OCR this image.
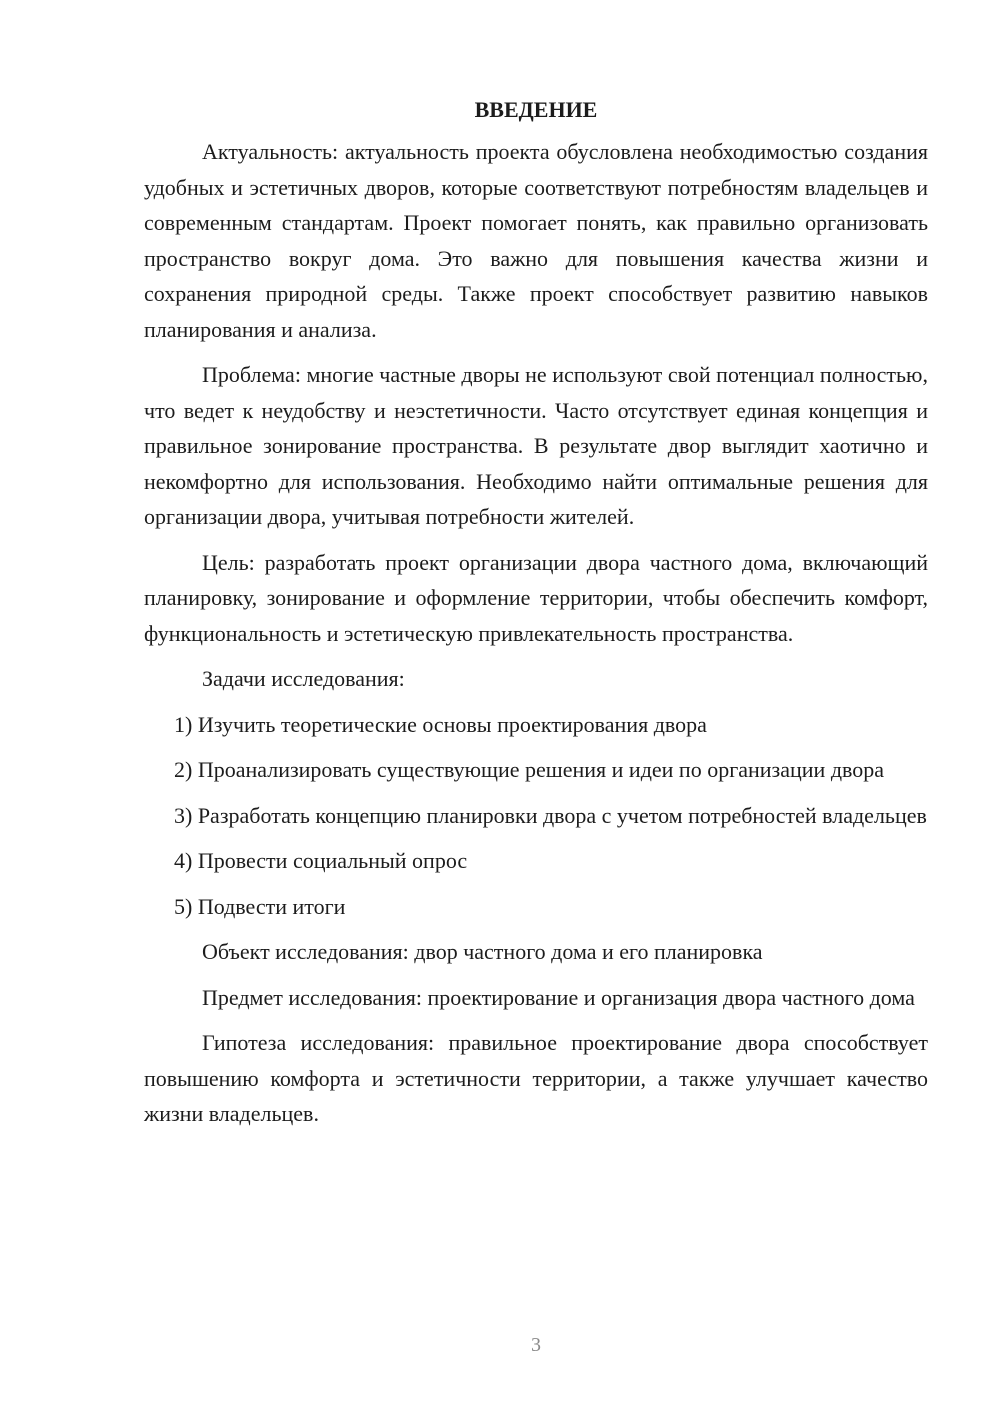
ВВЕДЕНИЕ

Актуальность: актуальность проекта обусловлена необходимостью создания удобных и эстетичных дворов, которые соответствуют потребностям владельцев и современным стандартам. Проект помогает понять, как правильно организовать пространство вокруг дома. Это важно для повышения качества жизни и сохранения природной среды. Также проект способствует развитию навыков планирования и анализа.

Проблема: многие частные дворы не используют свой потенциал полностью, что ведет к неудобству и неэстетичности. Часто отсутствует единая концепция и правильное зонирование пространства. В результате двор выглядит хаотично и некомфортно для использования. Необходимо найти оптимальные решения для организации двора, учитывая потребности жителей.

Цель: разработать проект организации двора частного дома, включающий планировку, зонирование и оформление территории, чтобы обеспечить комфорт, функциональность и эстетическую привлекательность пространства.

Задачи исследования:

1) Изучить теоретические основы проектирования двора

2) Проанализировать существующие решения и идеи по организации двора

3) Разработать концепцию планировки двора с учетом потребностей владельцев

4) Провести социальный опрос

5) Подвести итоги

Объект исследования: двор частного дома и его планировка

Предмет исследования: проектирование и организация двора частного дома

Гипотеза исследования: правильное проектирование двора способствует повышению комфорта и эстетичности территории, а также улучшает качество жизни владельцев.

3
